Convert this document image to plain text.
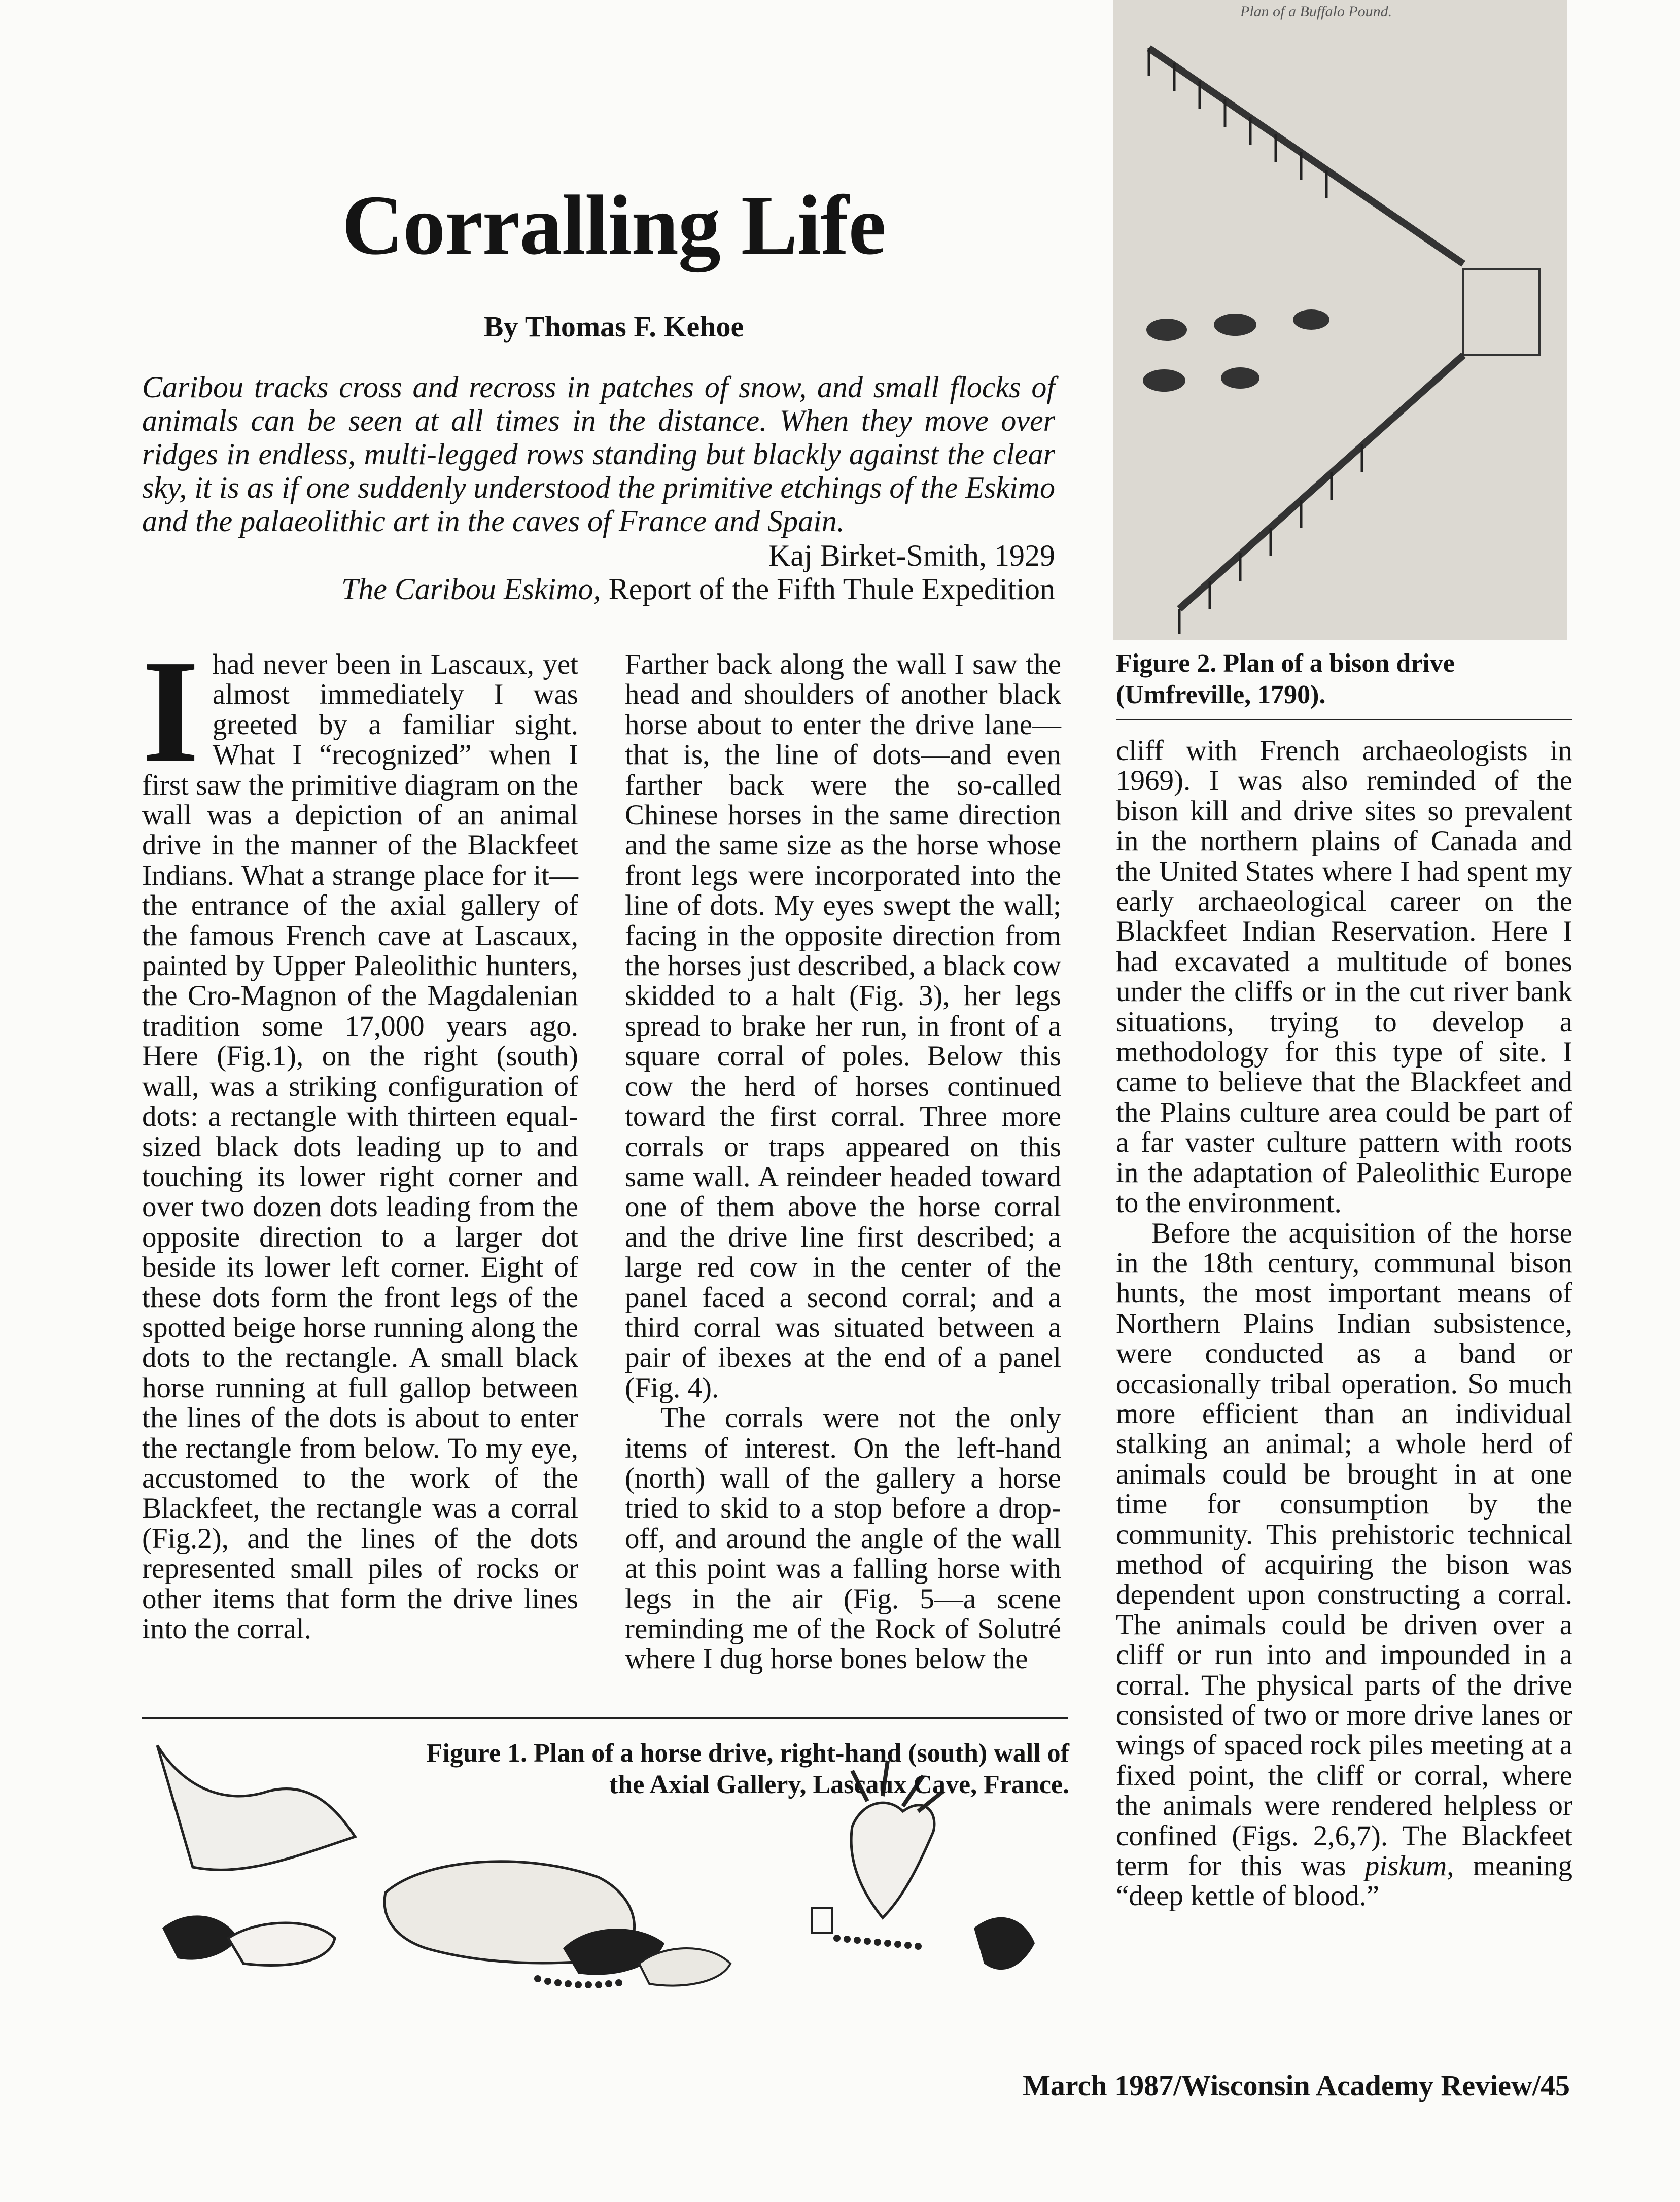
Corralling Life
By Thomas F. Kehoe
Caribou tracks cross and recross in patches of snow, and small flocks of animals can be seen at all times in the distance. When they move over ridges in endless, multi-legged rows standing but blackly against the clear sky, it is as if one suddenly understood the primitive etchings of the Eskimo and the palaeolithic art in the caves of France and Spain.
Kaj Birket-Smith, 1929
The Caribou Eskimo, Report of the Fifth Thule Expedition

I had never been in Lascaux, yet almost immediately I was greeted by a familiar sight. What I “recognized” when I first saw the primitive diagram on the wall was a depiction of an animal drive in the manner of the Blackfeet Indians. What a strange place for it—the entrance of the axial gallery of the famous French cave at Lascaux, painted by Upper Paleolithic hunters, the Cro-Magnon of the Magdalenian tradition some 17,000 years ago. Here (Fig.1), on the right (south) wall, was a striking configuration of dots: a rectangle with thirteen equal-sized black dots leading up to and touching its lower right corner and over two dozen dots leading from the opposite direction to a larger dot beside its lower left corner. Eight of these dots form the front legs of the spotted beige horse running along the dots to the rectangle. A small black horse running at full gallop between the lines of the dots is about to enter the rectangle from below. To my eye, accustomed to the work of the Blackfeet, the rectangle was a corral (Fig.2), and the lines of the dots represented small piles of rocks or other items that form the drive lines into the corral.

Farther back along the wall I saw the head and shoulders of another black horse about to enter the drive lane—that is, the line of dots—and even farther back were the so-called Chinese horses in the same direction and the same size as the horse whose front legs were incorporated into the line of dots. My eyes swept the wall; facing in the opposite direction from the horses just described, a black cow skidded to a halt (Fig. 3), her legs spread to brake her run, in front of a square corral of poles. Below this cow the herd of horses continued toward the first corral. Three more corrals or traps appeared on this same wall. A reindeer headed toward one of them above the horse corral and the drive line first described; a large red cow in the center of the panel faced a second corral; and a third corral was situated between a pair of ibexes at the end of a panel (Fig. 4).

The corrals were not the only items of interest. On the left-hand (north) wall of the gallery a horse tried to skid to a stop before a drop-off, and around the angle of the wall at this point was a falling horse with legs in the air (Fig. 5—a scene reminding me of the Rock of Solutré where I dug horse bones below the

Plan of a Buffalo Pound.
Figure 2. Plan of a bison drive (Umfreville, 1790).

cliff with French archaeologists in 1969). I was also reminded of the bison kill and drive sites so prevalent in the northern plains of Canada and the United States where I had spent my early archaeological career on the Blackfeet Indian Reservation. Here I had excavated a multitude of bones under the cliffs or in the cut river bank situations, trying to develop a methodology for this type of site. I came to believe that the Blackfeet and the Plains culture area could be part of a far vaster culture pattern with roots in the adaptation of Paleolithic Europe to the environment.

Before the acquisition of the horse in the 18th century, communal bison hunts, the most important means of Northern Plains Indian subsistence, were conducted as a band or occasionally tribal operation. So much more efficient than an individual stalking an animal; a whole herd of animals could be brought in at one time for consumption by the community. This prehistoric technical method of acquiring the bison was dependent upon constructing a corral. The animals could be driven over a cliff or run into and impounded in a corral. The physical parts of the drive consisted of two or more drive lanes or wings of spaced rock piles meeting at a fixed point, the cliff or corral, where the animals were rendered helpless or confined (Figs. 2,6,7). The Blackfeet term for this was piskum, meaning “deep kettle of blood.”

Figure 1. Plan of a horse drive, right-hand (south) wall of
the Axial Gallery, Lascaux Cave, France.
March 1987/Wisconsin Academy Review/45
